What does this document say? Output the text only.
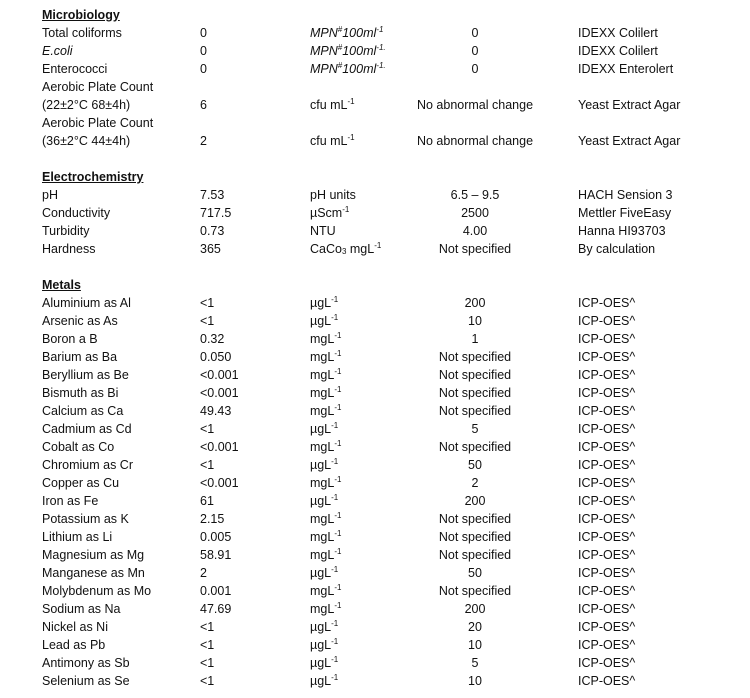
Microbiology
Total coliforms	0	$MPN^{\#}100ml^{-1}$	0	IDEXX Colilert
E.coli	0	$MPN^{\#}100ml^{-1.}$	0	IDEXX Colilert
Enterococci	0	$MPN^{\#}100ml^{-1.}$	0	IDEXX Enterolert
Aerobic Plate Count
(22±2°C 68±4h)	6	cfu $mL^{-1}$	No abnormal change	Yeast Extract Agar
Aerobic Plate Count
(36±2°C 44±4h)	2	cfu $mL^{-1}$	No abnormal change	Yeast Extract Agar
Electrochemistry
pH	7.53	pH units	6.5 – 9.5	HACH Sension 3
Conductivity	717.5	µScm$^{-1}$	2500	Mettler FiveEasy
Turbidity	0.73	NTU	4.00	Hanna HI93703
Hardness	365	CaCo$_3$ mgL$^{-1}$	Not specified	By calculation
Metals
Aluminium as Al	<1	µgL$^{-1}$	200	ICP-OES^
Arsenic as As	<1	µgL$^{-1}$	10	ICP-OES^
Boron a B	0.32	mgL$^{-1}$	1	ICP-OES^
Barium as Ba	0.050	mgL$^{-1}$	Not specified	ICP-OES^
Beryllium as Be	<0.001	mgL$^{-1}$	Not specified	ICP-OES^
Bismuth as Bi	<0.001	mgL$^{-1}$	Not specified	ICP-OES^
Calcium as Ca	49.43	mgL$^{-1}$	Not specified	ICP-OES^
Cadmium as Cd	<1	µgL$^{-1}$	5	ICP-OES^
Cobalt as Co	<0.001	mgL$^{-1}$	Not specified	ICP-OES^
Chromium as Cr	<1	µgL$^{-1}$	50	ICP-OES^
Copper as Cu	<0.001	mgL$^{-1}$	2	ICP-OES^
Iron as Fe	61	µgL$^{-1}$	200	ICP-OES^
Potassium as K	2.15	mgL$^{-1}$	Not specified	ICP-OES^
Lithium as Li	0.005	mgL$^{-1}$	Not specified	ICP-OES^
Magnesium as Mg	58.91	mgL$^{-1}$	Not specified	ICP-OES^
Manganese as Mn	2	µgL$^{-1}$	50	ICP-OES^
Molybdenum as Mo	0.001	mgL$^{-1}$	Not specified	ICP-OES^
Sodium as Na	47.69	mgL$^{-1}$	200	ICP-OES^
Nickel as Ni	<1	µgL$^{-1}$	20	ICP-OES^
Lead as Pb	<1	µgL$^{-1}$	10	ICP-OES^
Antimony as Sb	<1	µgL$^{-1}$	5	ICP-OES^
Selenium as Se	<1	µgL$^{-1}$	10	ICP-OES^
